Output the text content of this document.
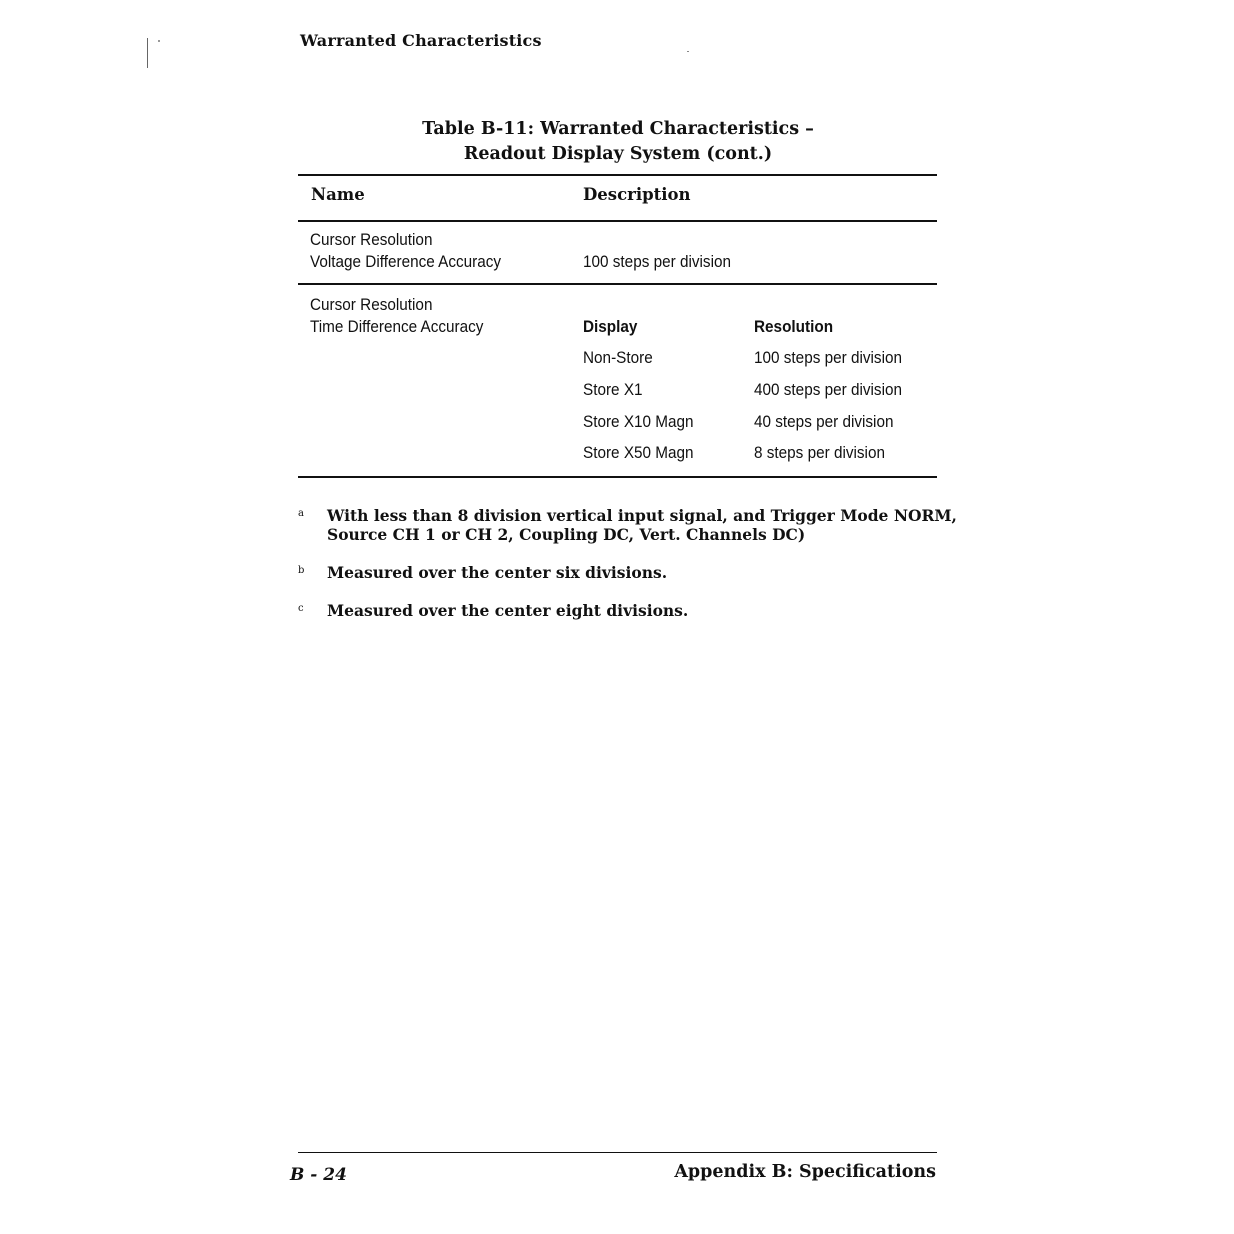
Warranted Characteristics
Table B-11: Warranted Characteristics –
Readout Display System (cont.)
Name	Description
Cursor Resolution
Voltage Difference Accuracy	100 steps per division
Cursor Resolution
Time Difference Accuracy	Display	Resolution
Non-Store	100 steps per division
Store X1	400 steps per division
Store X10 Magn	40 steps per division
Store X50 Magn	8 steps per division
a With less than 8 division vertical input signal, and Trigger Mode NORM,
Source CH 1 or CH 2, Coupling DC, Vert. Channels DC)
b Measured over the center six divisions.
c Measured over the center eight divisions.
B - 24	Appendix B: Specifications
